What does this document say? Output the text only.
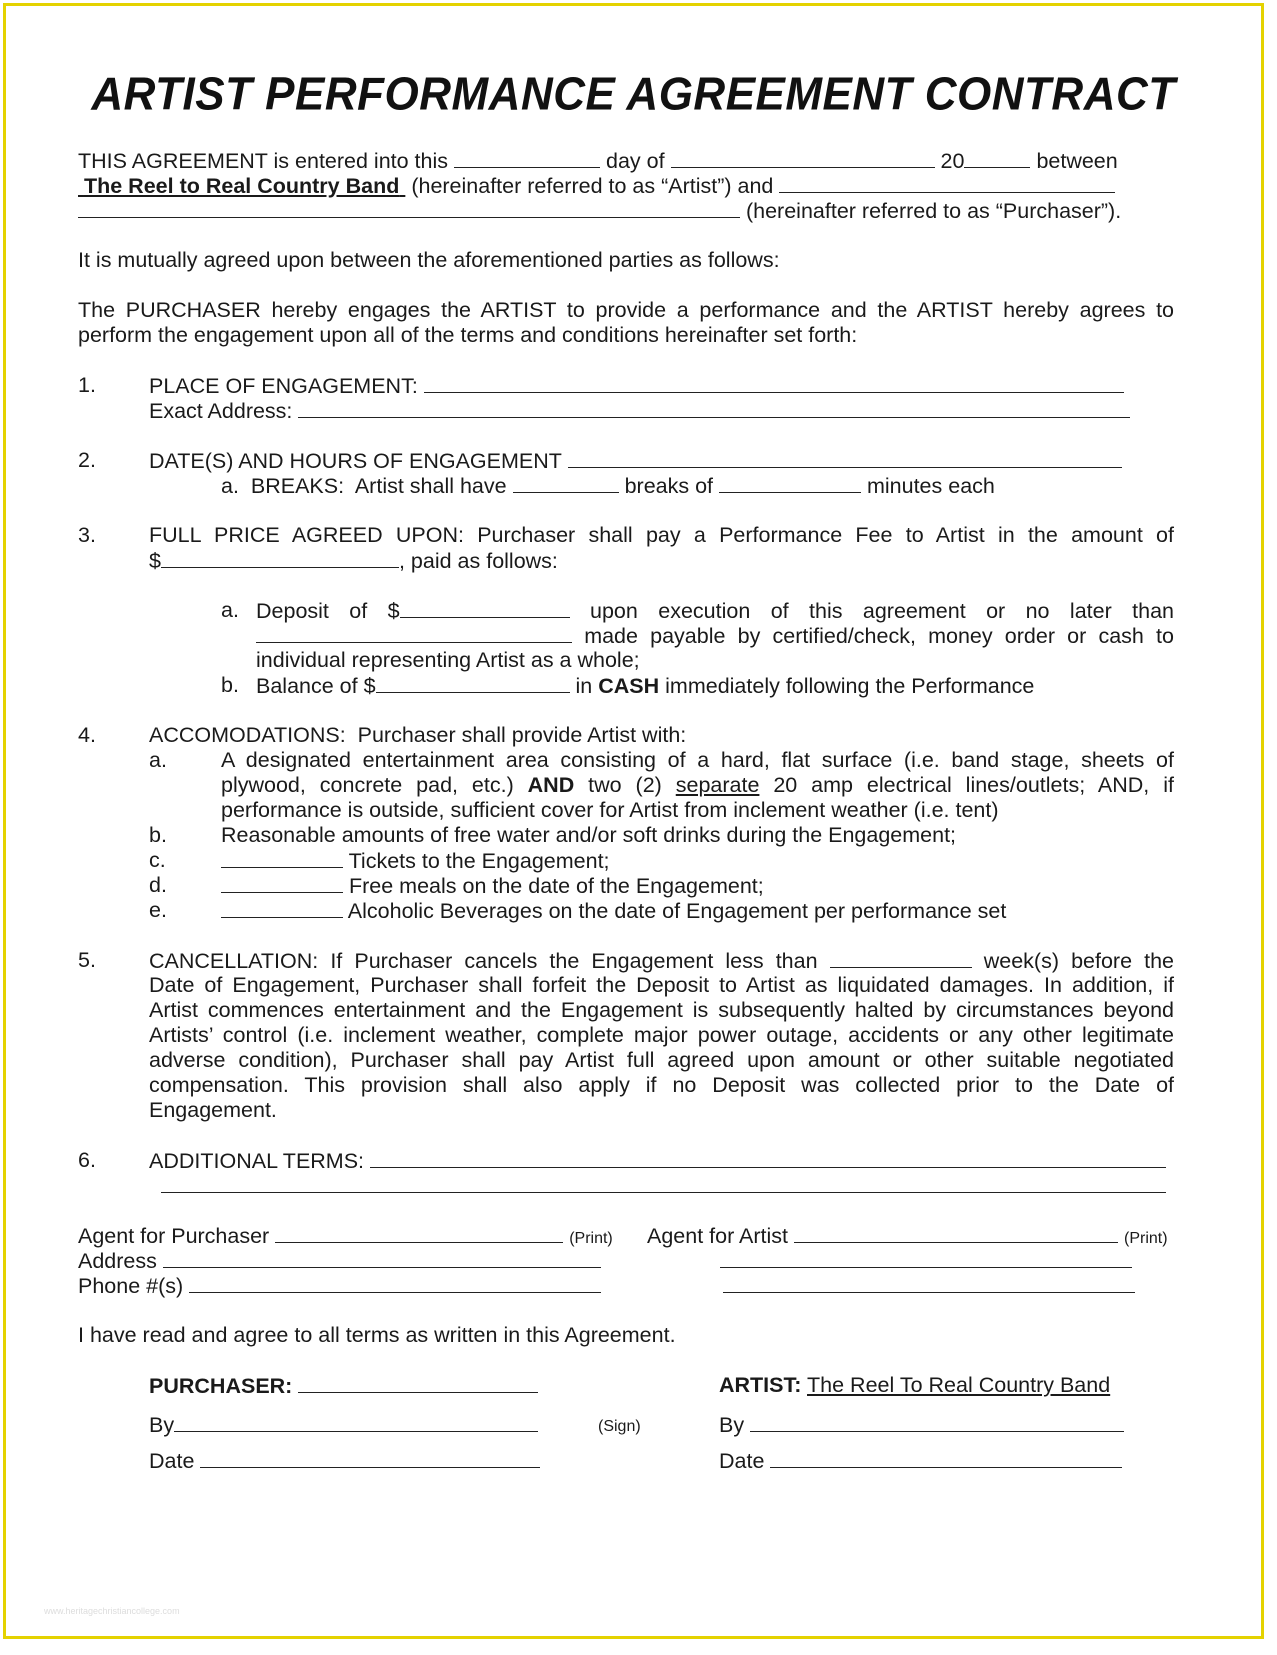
ARTIST PERFORMANCE AGREEMENT CONTRACT
THIS AGREEMENT is entered into this	day of	20	between
The Reel to Real Country Band (hereinafter referred to as “Artist”) and
(hereinafter referred to as “Purchaser”).
It is mutually agreed upon between the aforementioned parties as follows:
The PURCHASER hereby engages the ARTIST to provide a performance and the ARTIST hereby agrees to
perform the engagement upon all of the terms and conditions hereinafter set forth:
1. PLACE OF ENGAGEMENT:
Exact Address:
2. DATE(S) AND HOURS OF ENGAGEMENT
a.  BREAKS:  Artist shall have	breaks of	minutes each
3. FULL PRICE AGREED UPON: Purchaser shall pay a Performance Fee to Artist in the amount of
$	, paid as follows:
a. Deposit of $	upon execution of this agreement or no later than
made payable by certified/check, money order or cash to
individual representing Artist as a whole;
b. Balance of $	in CASH immediately following the Performance
4. ACCOMODATIONS:  Purchaser shall provide Artist with:
a.	A designated entertainment area consisting of a hard, flat surface (i.e. band stage, sheets of
plywood, concrete pad, etc.) AND two (2) separate 20 amp electrical lines/outlets; AND, if
performance is outside, sufficient cover for Artist from inclement weather (i.e. tent)
b.	Reasonable amounts of free water and/or soft drinks during the Engagement;
c.	Tickets to the Engagement;
d.	Free meals on the date of the Engagement;
e.	Alcoholic Beverages on the date of Engagement per performance set
5. CANCELLATION: If Purchaser cancels the Engagement less than	week(s) before the
Date of Engagement, Purchaser shall forfeit the Deposit to Artist as liquidated damages. In addition, if
Artist commences entertainment and the Engagement is subsequently halted by circumstances beyond
Artists’ control (i.e. inclement weather, complete major power outage, accidents or any other legitimate
adverse condition), Purchaser shall pay Artist full agreed upon amount or other suitable negotiated
compensation. This provision shall also apply if no Deposit was collected prior to the Date of
Engagement.
6. ADDITIONAL TERMS:
Agent for Purchaser	(Print) Agent for Artist	(Print)
Address
Phone #(s)
I have read and agree to all terms as written in this Agreement.
PURCHASER:	ARTIST: The Reel To Real Country Band
By	(Sign)	By
Date	Date
www.heritagechristiancollege.com
